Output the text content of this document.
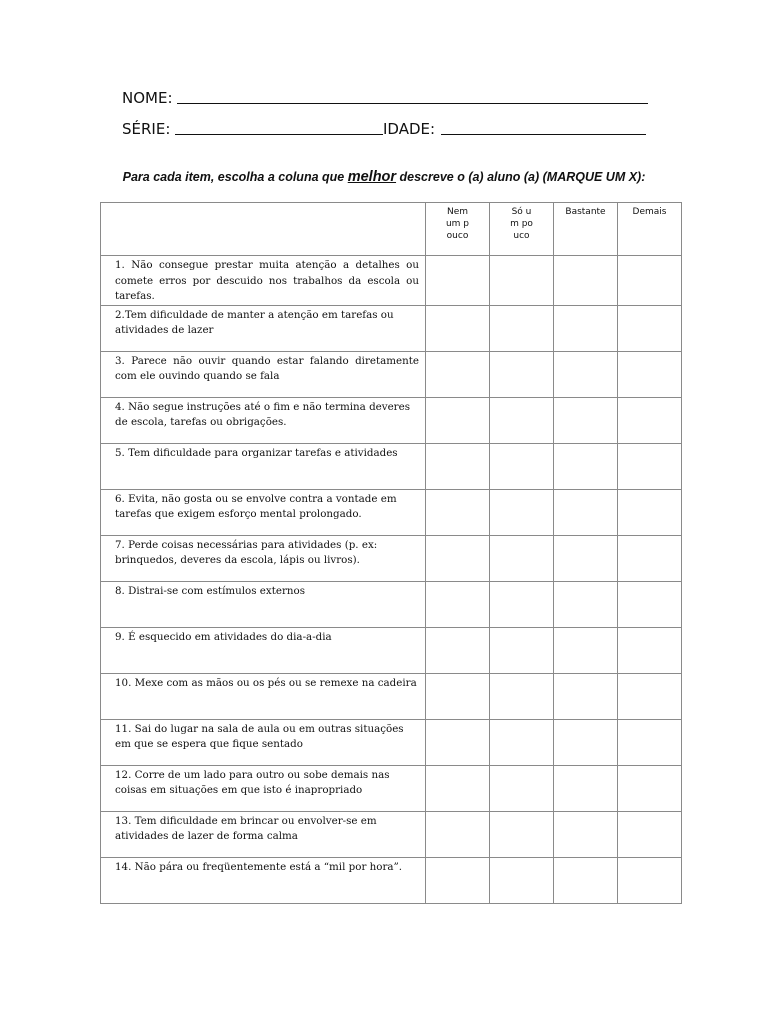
NOME:
SÉRIE:	IDADE:
Para cada item, escolha a coluna que melhor descreve o (a) aluno (a) (MARQUE UM X):
	Nem um pouco	Só um pouco	Bastante	Demais
1. Não consegue prestar muita atenção a detalhes ou comete erros por descuido nos trabalhos da escola ou tarefas.				
2.Tem dificuldade de manter a atenção em tarefas ou atividades de lazer				
3. Parece não ouvir quando estar falando diretamente com ele ouvindo quando se fala				
4. Não segue instruções até o fim e não termina deveres de escola, tarefas ou obrigações.				
5. Tem dificuldade para organizar tarefas e atividades				
6. Evita, não gosta ou se envolve contra a vontade em tarefas que exigem esforço mental prolongado.				
7. Perde coisas necessárias para atividades (p. ex: brinquedos, deveres da escola, lápis ou livros).				
8. Distrai-se com estímulos externos				
9. É esquecido em atividades do dia-a-dia				
10. Mexe com as mãos ou os pés ou se remexe na cadeira				
11. Sai do lugar na sala de aula ou em outras situações em que se espera que fique sentado				
12. Corre de um lado para outro ou sobe demais nas coisas em situações em que isto é inapropriado				
13. Tem dificuldade em brincar ou envolver-se em atividades de lazer de forma calma				
14. Não pára ou freqüentemente está a “mil por hora”.				
